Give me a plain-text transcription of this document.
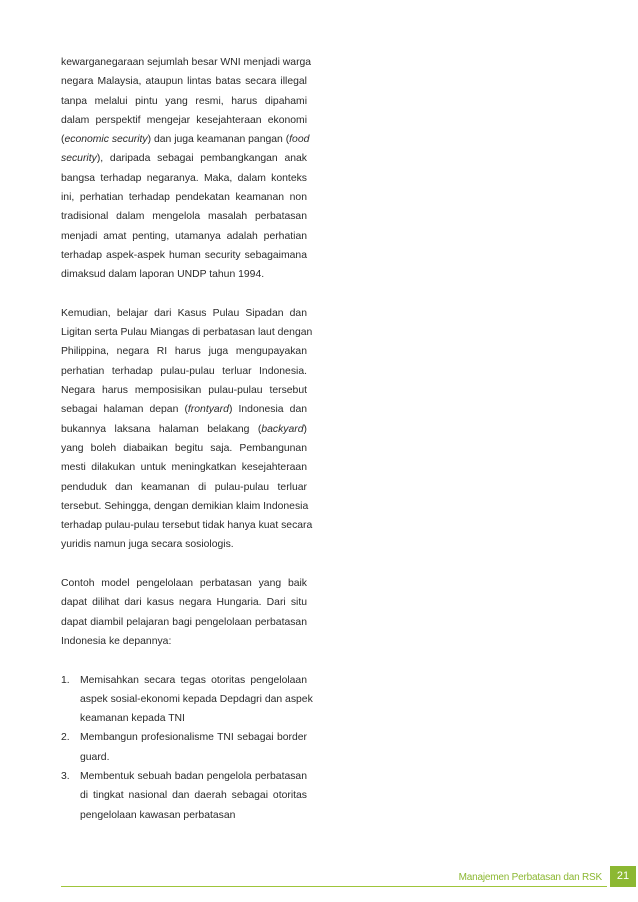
kewarganegaraan sejumlah besar WNI menjadi warga
negara Malaysia, ataupun lintas batas secara illegal
tanpa melalui pintu yang resmi, harus dipahami
dalam perspektif mengejar kesejahteraan ekonomi
(economic security) dan juga keamanan pangan (food
security), daripada sebagai pembangkangan anak
bangsa terhadap negaranya. Maka, dalam konteks
ini, perhatian terhadap pendekatan keamanan non
tradisional dalam mengelola masalah perbatasan
menjadi amat penting, utamanya adalah perhatian
terhadap aspek-aspek human security sebagaimana
dimaksud dalam laporan UNDP tahun 1994.

Kemudian, belajar dari Kasus Pulau Sipadan dan
Ligitan serta Pulau Miangas di perbatasan laut dengan
Philippina, negara RI harus juga mengupayakan
perhatian terhadap pulau-pulau terluar Indonesia.
Negara harus memposisikan pulau-pulau tersebut
sebagai halaman depan (frontyard) Indonesia dan
bukannya laksana halaman belakang (backyard)
yang boleh diabaikan begitu saja. Pembangunan
mesti dilakukan untuk meningkatkan kesejahteraan
penduduk dan keamanan di pulau-pulau terluar
tersebut. Sehingga, dengan demikian klaim Indonesia
terhadap pulau-pulau tersebut tidak hanya kuat secara
yuridis namun juga secara sosiologis.

Contoh model pengelolaan perbatasan yang baik
dapat dilihat dari kasus negara Hungaria. Dari situ
dapat diambil pelajaran bagi pengelolaan perbatasan
Indonesia ke depannya:

1. Memisahkan secara tegas otoritas pengelolaan
aspek sosial-ekonomi kepada Depdagri dan aspek
keamanan kepada TNI
2. Membangun profesionalisme TNI sebagai border
guard.
3. Membentuk sebuah badan pengelola perbatasan
di tingkat nasional dan daerah sebagai otoritas
pengelolaan kawasan perbatasan
Manajemen Perbatasan dan RSK	21
